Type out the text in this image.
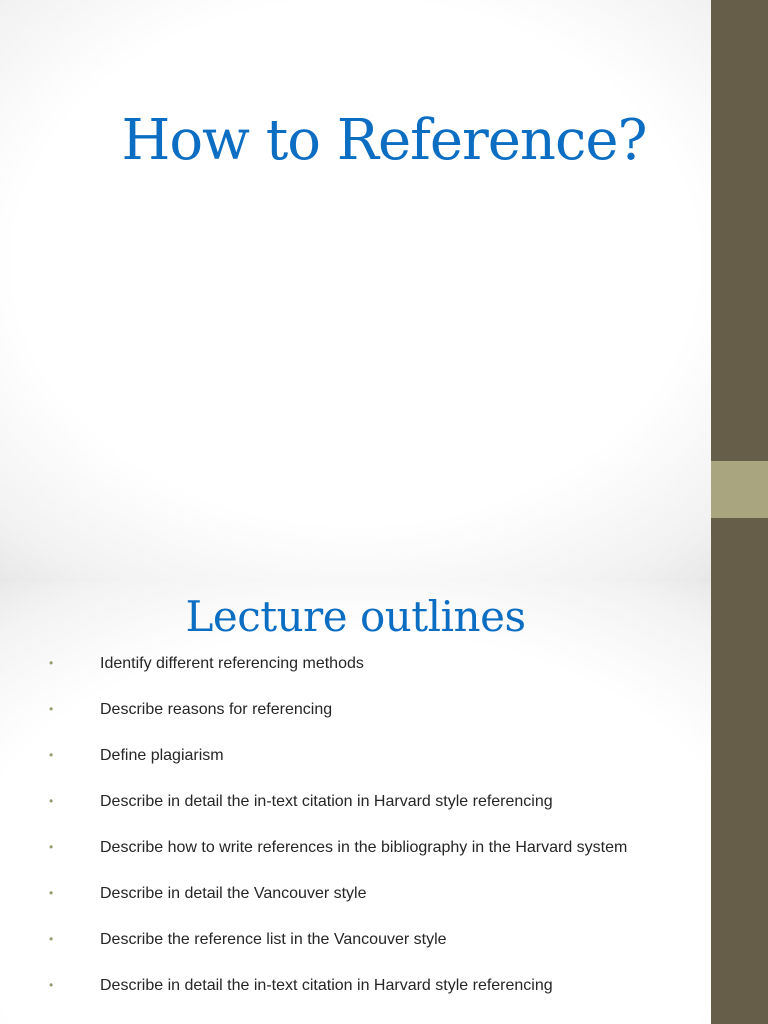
How to Reference?
Lecture outlines
•	Identify different referencing methods
•	Describe reasons for referencing
•	Define plagiarism
•	Describe in detail the in-text citation in Harvard style referencing
•	Describe how to write references in the bibliography in the Harvard system
•	Describe in detail the Vancouver style
•	Describe the reference list in the Vancouver style
•	Describe in detail the in-text citation in Harvard style referencing
